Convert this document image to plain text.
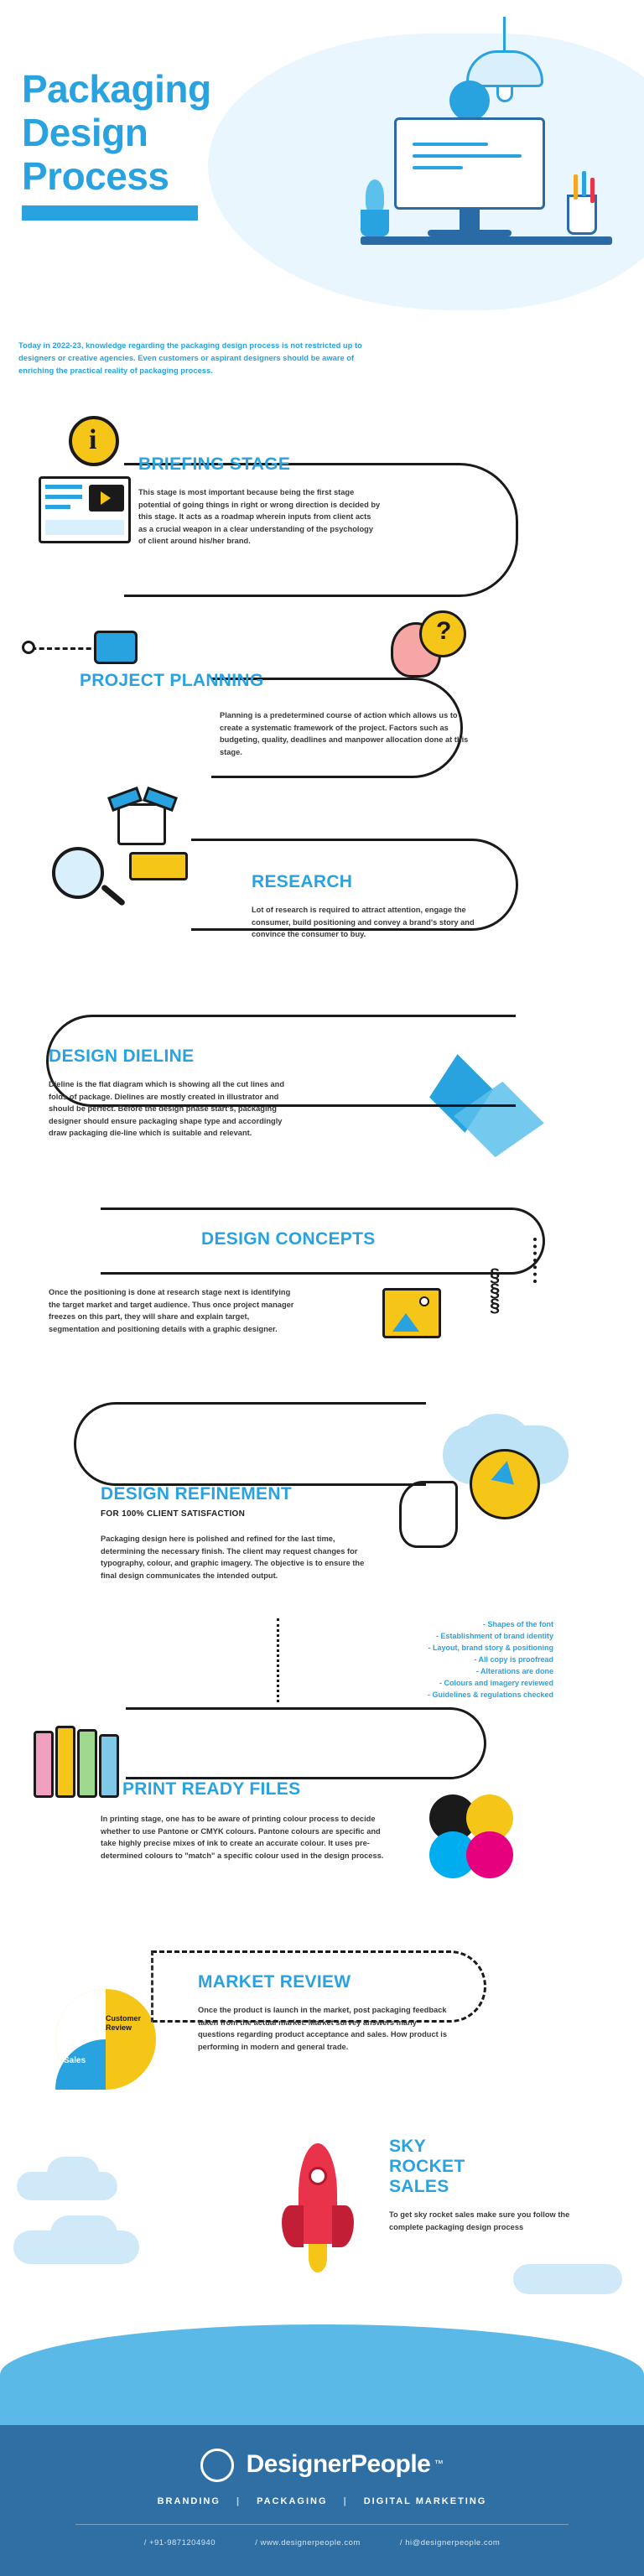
Packaging
Design
Process
Today in 2022-23, knowledge regarding the packaging design process is not restricted up to designers or creative agencies. Even customers or aspirant designers should be aware of enriching the practical reality of packaging process.
i
BRIEFING STAGE
This stage is most important because being the first stage potential of going things in right or wrong direction is decided by this stage. It acts as a roadmap wherein inputs from client acts as a crucial weapon in a clear understanding of the psychology of client around his/her brand.
?
PROJECT PLANNING
Planning is a predetermined course of action which allows us to create a systematic framework of the project. Factors such as budgeting, quality, deadlines and manpower allocation done at this stage.
RESEARCH
Lot of research is required to attract attention, engage the consumer, build positioning and convey a brand's story and convince the consumer to buy.
DESIGN DIELINE
Dieline is the flat diagram which is showing all the cut lines and folds of package. Dielines are mostly created in illustrator and should be perfect. Before the design phase start's, packaging designer should ensure packaging shape type and accordingly draw packaging die-line which is suitable and relevant.
§
§
§
DESIGN CONCEPTS
Once the positioning is done at research stage next is identifying the target market and target audience. Thus once project manager freezes on this part, they will share and explain target, segmentation and positioning details with a graphic designer.
DESIGN REFINEMENT
FOR 100% CLIENT SATISFACTION
Packaging design here is polished and refined for the last time, determining the necessary finish. The client may request changes for typography, colour, and graphic imagery. The objective is to ensure the final design communicates the intended output.
- Shapes of the font
- Establishment of brand identity
- Layout, brand story & positioning
- All copy is proofread
- Alterations are done
- Colours and imagery reviewed
- Guidelines & regulations checked
PRINT READY FILES
In printing stage, one has to be aware of printing colour process to decide whether to use Pantone or CMYK colours. Pantone colours are specific and take highly precise mixes of ink to create an accurate colour. It uses pre-determined colours to "match" a specific colour used in the design process.
Sales
Customer Review
MARKET REVIEW
Once the product is launch in the market, post packaging feedback taken from the actual market. Market survey answers many questions regarding product acceptance and sales. How product is performing in modern and general trade.
SKY
ROCKET
SALES
To get sky rocket sales make sure you follow the complete packaging design process
DesignerPeople ™
BRANDING | PACKAGING | DIGITAL MARKETING
/ +91-9871204940	/ www.designerpeople.com	/ hi@designerpeople.com
